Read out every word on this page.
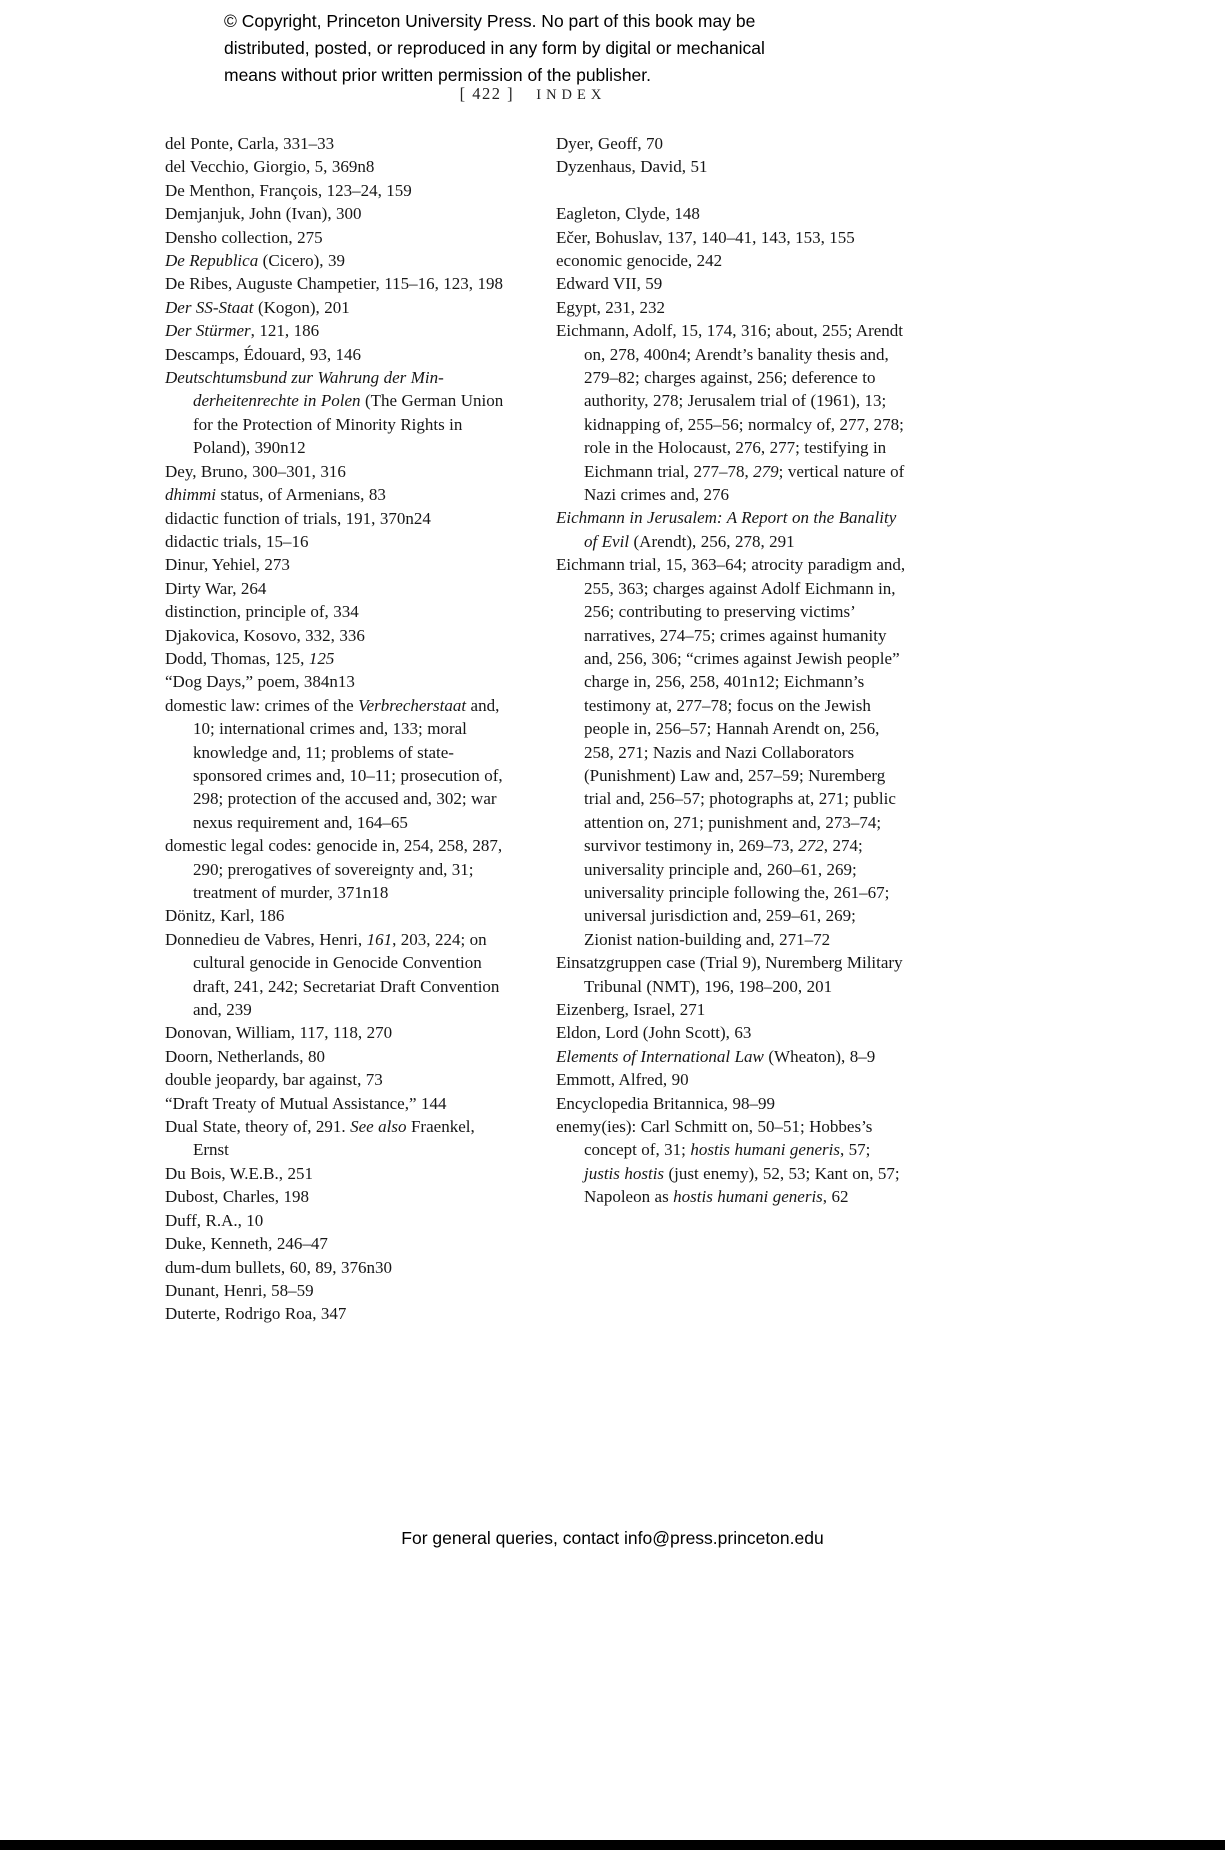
© Copyright, Princeton University Press. No part of this book may be
distributed, posted, or reproduced in any form by digital or mechanical
means without prior written permission of the publisher.
[ 422 ] INDEX
del Ponte, Carla, 331–33
del Vecchio, Giorgio, 5, 369n8
De Menthon, François, 123–24, 159
Demjanjuk, John (Ivan), 300
Densho collection, 275
De Republica (Cicero), 39
De Ribes, Auguste Champetier, 115–16, 123, 198
Der SS-Staat (Kogon), 201
Der Stürmer, 121, 186
Descamps, Édouard, 93, 146
Deutschtumsbund zur Wahrung der Minderheitenrechte in Polen (The German Union for the Protection of Minority Rights in Poland), 390n12
Dey, Bruno, 300–301, 316
dhimmi status, of Armenians, 83
didactic function of trials, 191, 370n24
didactic trials, 15–16
Dinur, Yehiel, 273
Dirty War, 264
distinction, principle of, 334
Djakovica, Kosovo, 332, 336
Dodd, Thomas, 125, 125
“Dog Days,” poem, 384n13
domestic law: crimes of the Verbrecherstaat and, 10; international crimes and, 133; moral knowledge and, 11; problems of state-sponsored crimes and, 10–11; prosecution of, 298; protection of the accused and, 302; war nexus requirement and, 164–65
domestic legal codes: genocide in, 254, 258, 287, 290; prerogatives of sovereignty and, 31; treatment of murder, 371n18
Dönitz, Karl, 186
Donnedieu de Vabres, Henri, 161, 203, 224; on cultural genocide in Genocide Convention draft, 241, 242; Secretariat Draft Convention and, 239
Donovan, William, 117, 118, 270
Doorn, Netherlands, 80
double jeopardy, bar against, 73
“Draft Treaty of Mutual Assistance,” 144
Dual State, theory of, 291. See also Fraenkel, Ernst
Du Bois, W.E.B., 251
Dubost, Charles, 198
Duff, R.A., 10
Duke, Kenneth, 246–47
dum-dum bullets, 60, 89, 376n30
Dunant, Henri, 58–59
Duterte, Rodrigo Roa, 347
Dyer, Geoff, 70
Dyzenhaus, David, 51
Eagleton, Clyde, 148
Ečer, Bohuslav, 137, 140–41, 143, 153, 155
economic genocide, 242
Edward VII, 59
Egypt, 231, 232
Eichmann, Adolf, 15, 174, 316; about, 255; Arendt on, 278, 400n4; Arendt’s banality thesis and, 279–82; charges against, 256; deference to authority, 278; Jerusalem trial of (1961), 13; kidnapping of, 255–56; normalcy of, 277, 278; role in the Holocaust, 276, 277; testifying in Eichmann trial, 277–78, 279; vertical nature of Nazi crimes and, 276
Eichmann in Jerusalem: A Report on the Banality of Evil (Arendt), 256, 278, 291
Eichmann trial, 15, 363–64; atrocity paradigm and, 255, 363; charges against Adolf Eichmann in, 256; contributing to preserving victims’ narratives, 274–75; crimes against humanity and, 256, 306; “crimes against Jewish people” charge in, 256, 258, 401n12; Eichmann’s testimony at, 277–78; focus on the Jewish people in, 256–57; Hannah Arendt on, 256, 258, 271; Nazis and Nazi Collaborators (Punishment) Law and, 257–59; Nuremberg trial and, 256–57; photographs at, 271; public attention on, 271; punishment and, 273–74; survivor testimony in, 269–73, 272, 274; universality principle and, 260–61, 269; universality principle following the, 261–67; universal jurisdiction and, 259–61, 269; Zionist nation-building and, 271–72
Einsatzgruppen case (Trial 9), Nuremberg Military Tribunal (NMT), 196, 198–200, 201
Eizenberg, Israel, 271
Eldon, Lord (John Scott), 63
Elements of International Law (Wheaton), 8–9
Emmott, Alfred, 90
Encyclopedia Britannica, 98–99
enemy(ies): Carl Schmitt on, 50–51; Hobbes’s concept of, 31; hostis humani generis, 57; justis hostis (just enemy), 52, 53; Kant on, 57; Napoleon as hostis humani generis, 62
For general queries, contact info@press.princeton.edu
